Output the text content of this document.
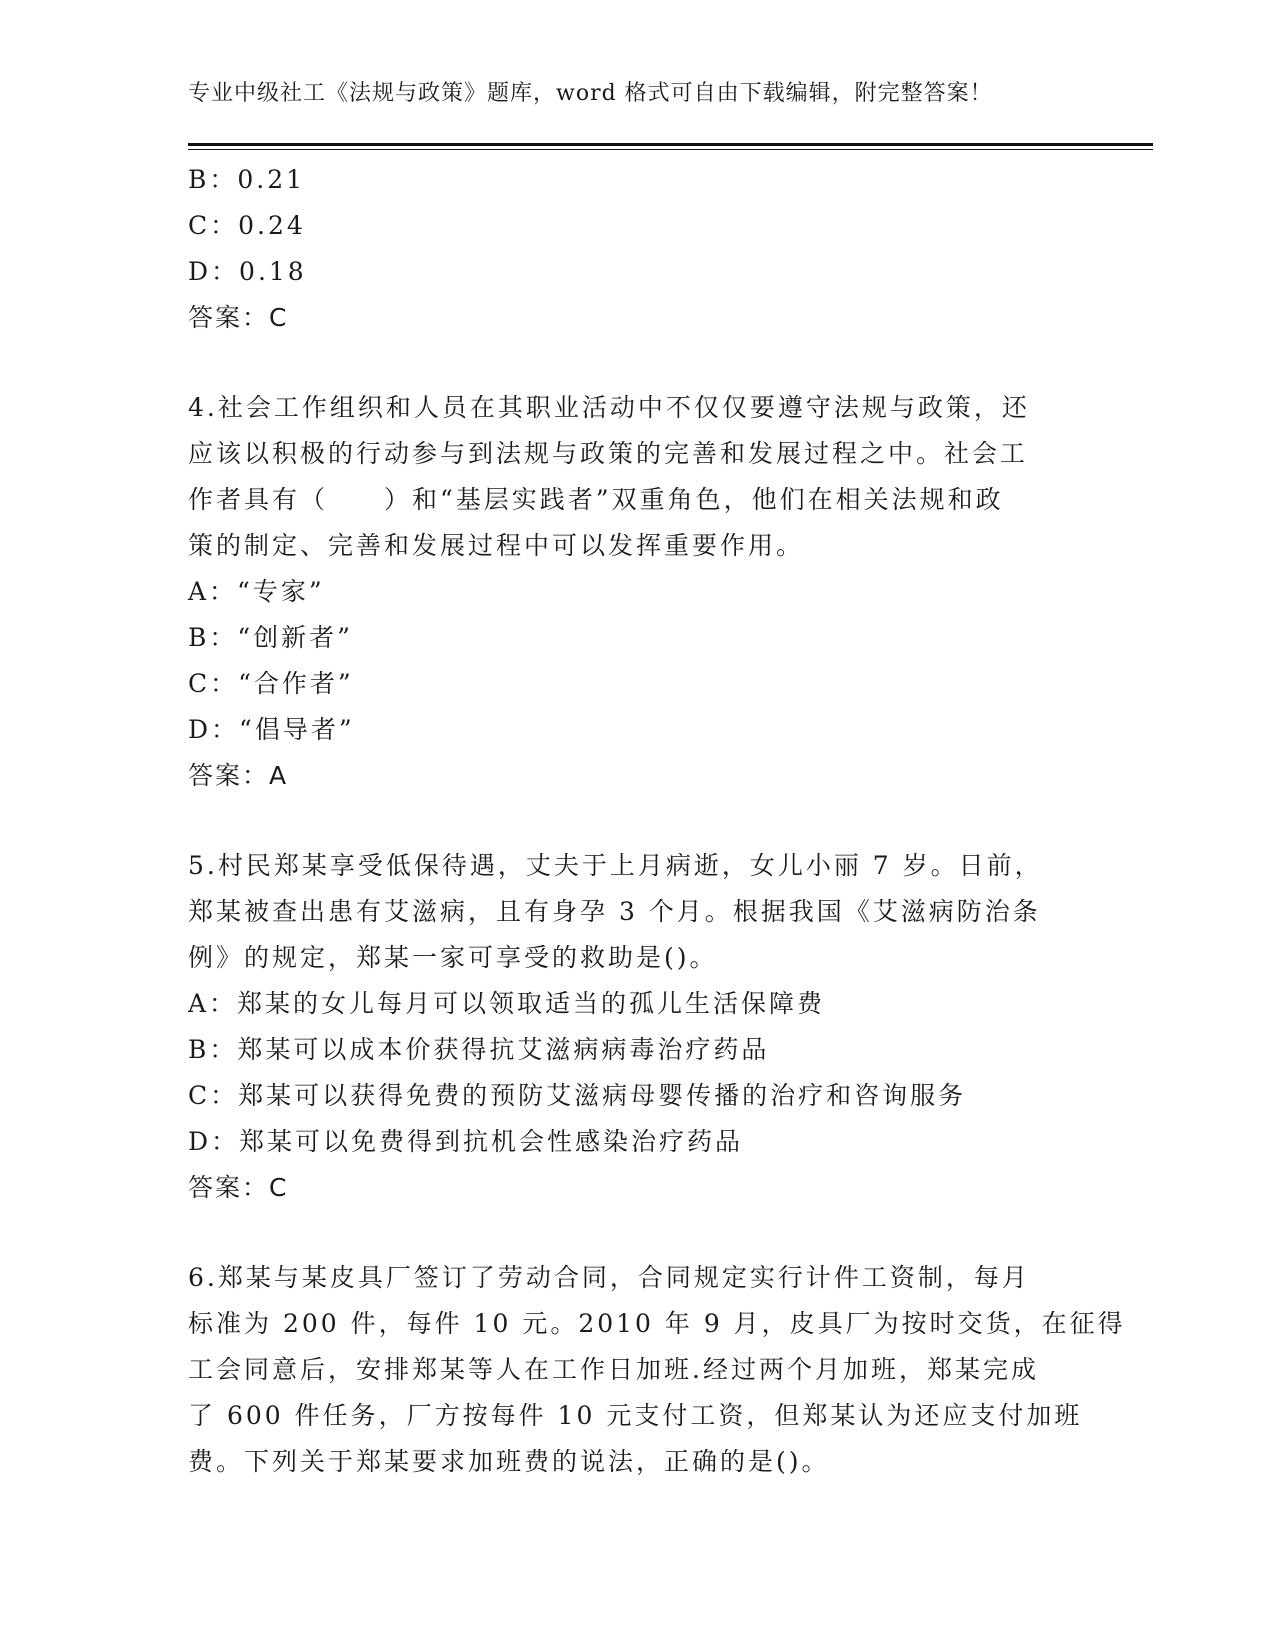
专业中级社工《法规与政策》题库，word 格式可自由下载编辑，附完整答案！
B：0.21
C：0.24
D：0.18
答案：C
4.社会工作组织和人员在其职业活动中不仅仅要遵守法规与政策，还
应该以积极的行动参与到法规与政策的完善和发展过程之中。社会工
作者具有（　　）和“基层实践者”双重角色，他们在相关法规和政
策的制定、完善和发展过程中可以发挥重要作用。
A：“专家”
B：“创新者”
C：“合作者”
D：“倡导者”
答案：A
5.村民郑某享受低保待遇，丈夫于上月病逝，女儿小丽 7 岁。日前，
郑某被查出患有艾滋病，且有身孕 3 个月。根据我国《艾滋病防治条
例》的规定，郑某一家可享受的救助是()。
A：郑某的女儿每月可以领取适当的孤儿生活保障费
B：郑某可以成本价获得抗艾滋病病毒治疗药品
C：郑某可以获得免费的预防艾滋病母婴传播的治疗和咨询服务
D：郑某可以免费得到抗机会性感染治疗药品
答案：C
6.郑某与某皮具厂签订了劳动合同，合同规定实行计件工资制，每月
标准为 200 件，每件 10 元。2010 年 9 月，皮具厂为按时交货，在征得
工会同意后，安排郑某等人在工作日加班.经过两个月加班，郑某完成
了 600 件任务，厂方按每件 10 元支付工资，但郑某认为还应支付加班
费。下列关于郑某要求加班费的说法，正确的是()。
